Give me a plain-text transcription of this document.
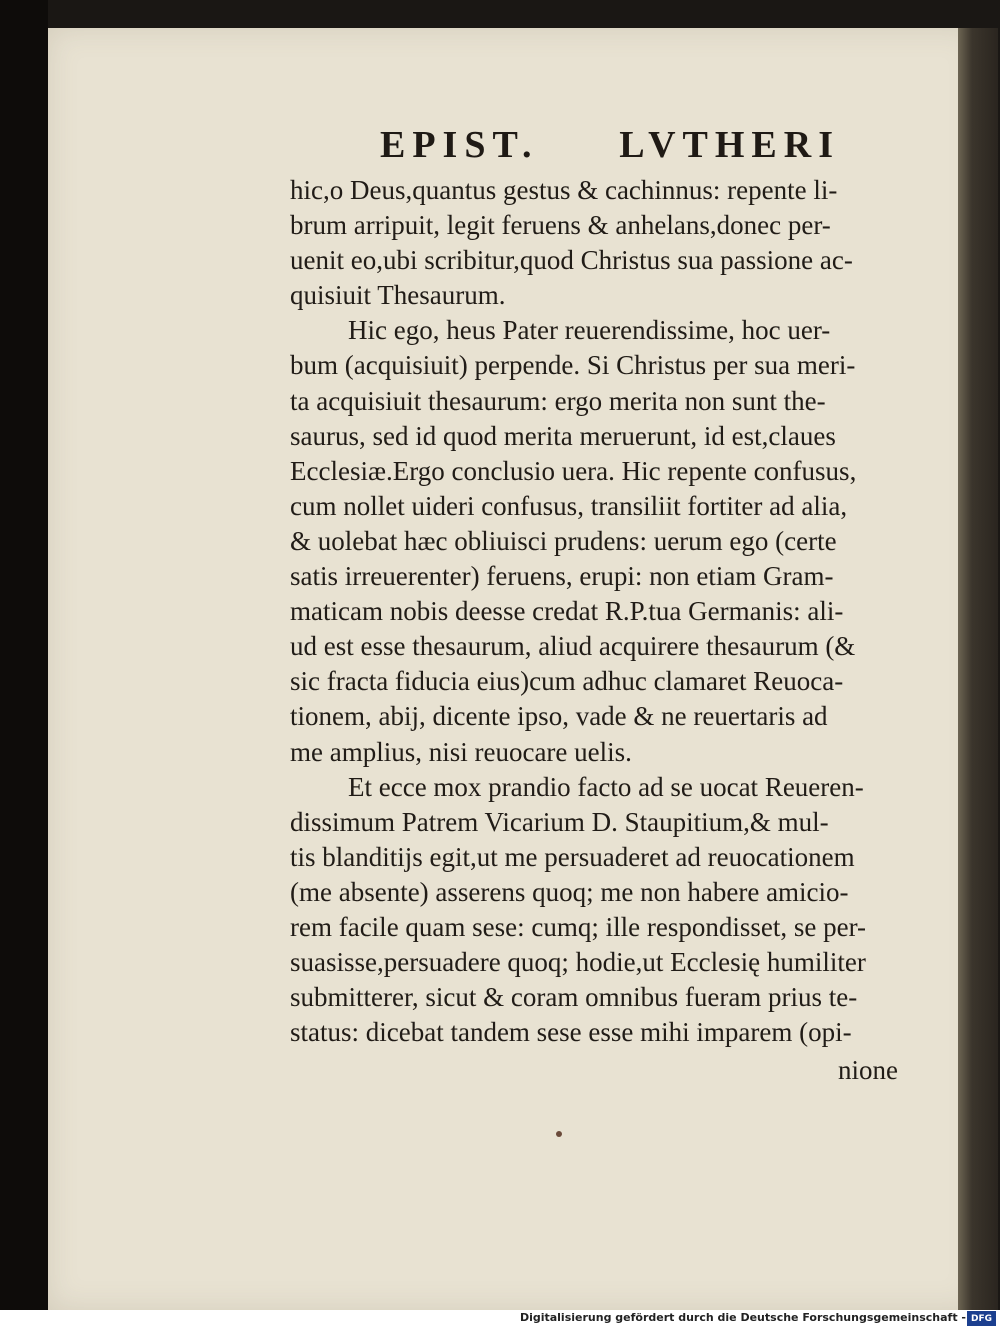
EPIST. LVTHERI
hic,o Deus,quantus gestus & cachinnus: repente li-
brum arripuit, legit feruens & anhelans,donec per-
uenit eo,ubi scribitur,quod Christus sua passione ac-
quisiuit Thesaurum.
Hic ego, heus Pater reuerendissime, hoc uer-
bum (acquisiuit) perpende. Si Christus per sua meri-
ta acquisiuit thesaurum: ergo merita non sunt the-
saurus, sed id quod merita meruerunt, id est,claues
Ecclesiæ.Ergo conclusio uera. Hic repente confusus,
cum nollet uideri confusus, transiliit fortiter ad alia,
& uolebat hæc obliuisci prudens: uerum ego (certe
satis irreuerenter) feruens, erupi: non etiam Gram-
maticam nobis deesse credat R.P.tua Germanis: ali-
ud est esse thesaurum, aliud acquirere thesaurum (&
sic fracta fiducia eius)cum adhuc clamaret Reuoca-
tionem, abij, dicente ipso, vade & ne reuertaris ad
me amplius, nisi reuocare uelis.
Et ecce mox prandio facto ad se uocat Reueren-
dissimum Patrem Vicarium D. Staupitium,& mul-
tis blanditijs egit,ut me persuaderet ad reuocationem
(me absente) asserens quoq; me non habere amicio-
rem facile quam sese: cumq; ille respondisset, se per-
suasisse,persuadere quoq; hodie,ut Ecclesię humiliter
submitterer, sicut & coram omnibus fueram prius te-
status: dicebat tandem sese esse mihi imparem (opi-
nione
Digitalisierung gefördert durch die Deutsche Forschungsgemeinschaft - DFG
